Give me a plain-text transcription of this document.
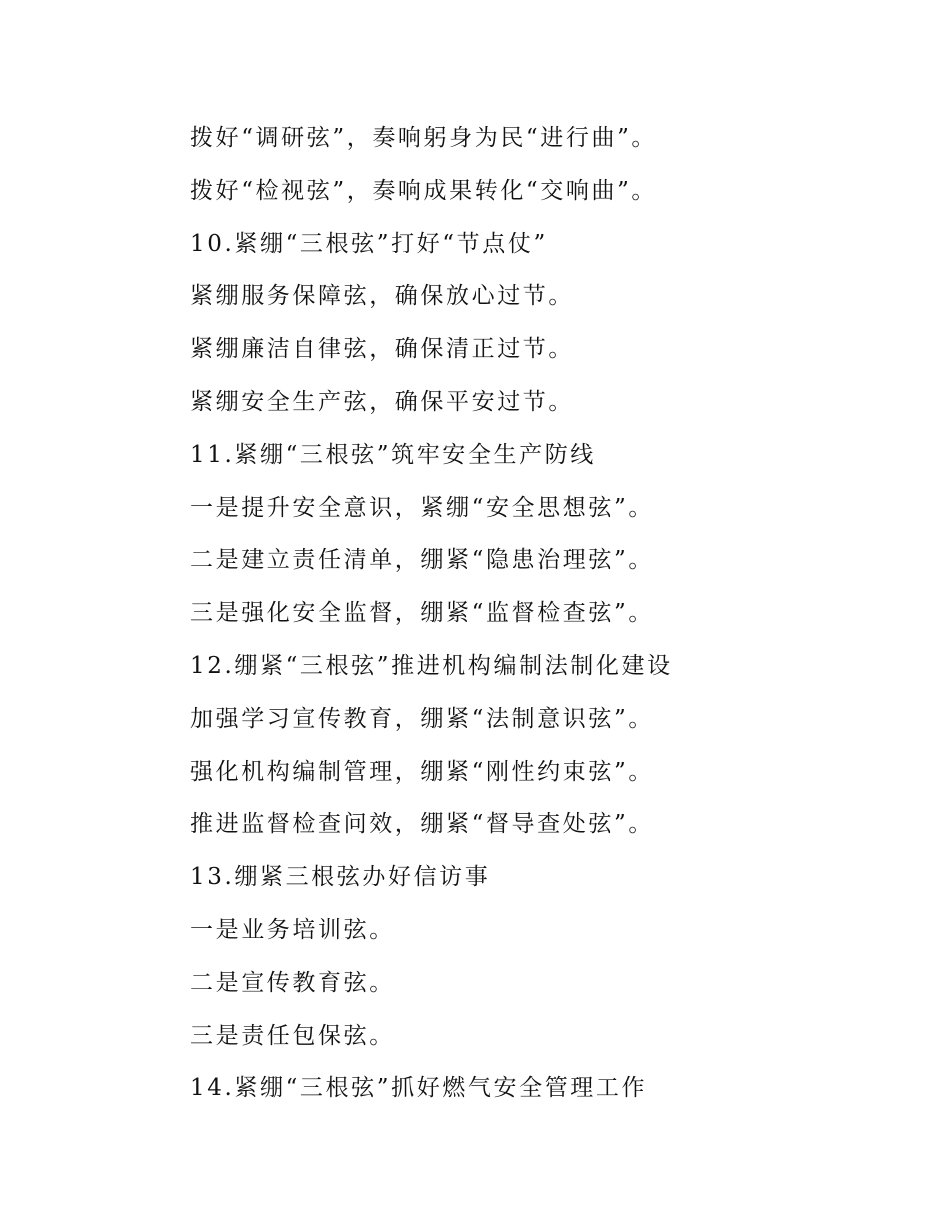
拨好“调研弦”，奏响躬身为民“进行曲”。
拨好“检视弦”，奏响成果转化“交响曲”。
10.紧绷“三根弦”打好“节点仗”
紧绷服务保障弦，确保放心过节。
紧绷廉洁自律弦，确保清正过节。
紧绷安全生产弦，确保平安过节。
11.紧绷“三根弦”筑牢安全生产防线
一是提升安全意识，紧绷“安全思想弦”。
二是建立责任清单，绷紧“隐患治理弦”。
三是强化安全监督，绷紧“监督检查弦”。
12.绷紧“三根弦”推进机构编制法制化建设
加强学习宣传教育，绷紧“法制意识弦”。
强化机构编制管理，绷紧“刚性约束弦”。
推进监督检查问效，绷紧“督导查处弦”。
13.绷紧三根弦办好信访事
一是业务培训弦。
二是宣传教育弦。
三是责任包保弦。
14.紧绷“三根弦”抓好燃气安全管理工作
